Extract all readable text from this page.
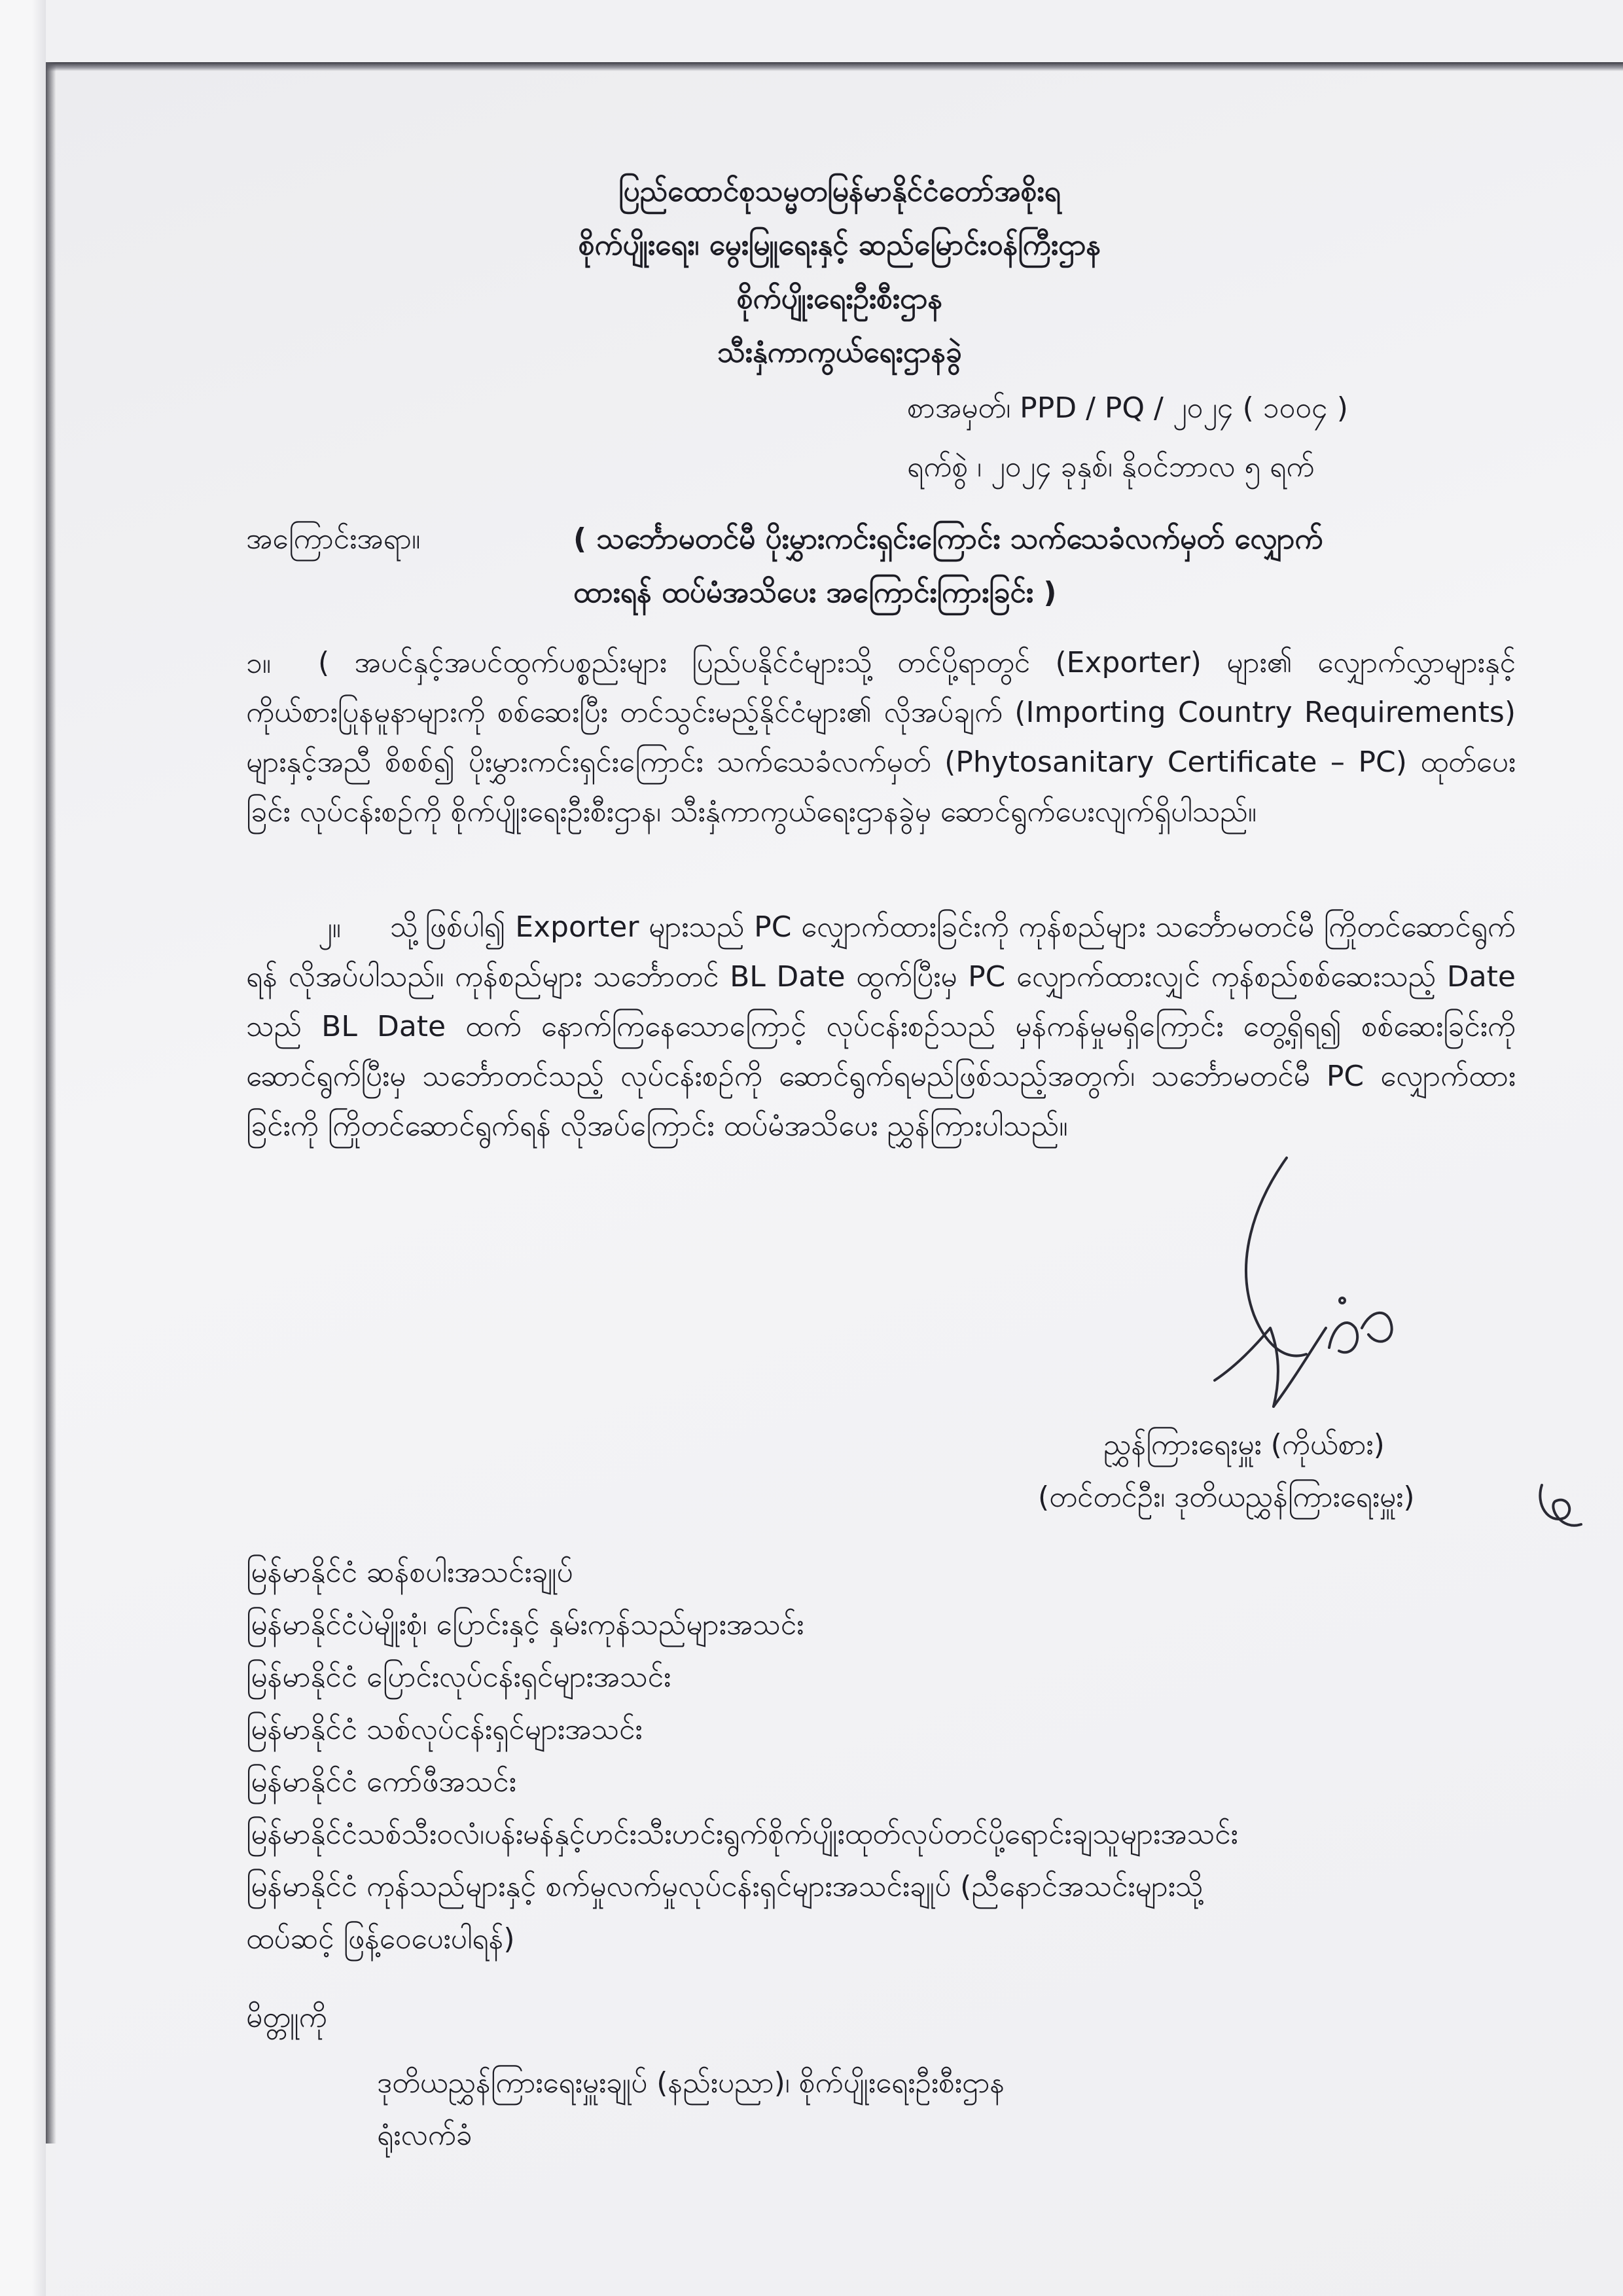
ပြည်ထောင်စုသမ္မတမြန်မာနိုင်ငံတော်အစိုးရ
စိုက်ပျိုးရေး၊ မွေးမြူရေးနှင့် ဆည်မြောင်းဝန်ကြီးဌာန
စိုက်ပျိုးရေးဦးစီးဌာန
သီးနှံကာကွယ်ရေးဌာနခွဲ
စာအမှတ်၊ PPD / PQ / ၂၀၂၄ ( ၁၀၀၄ )
ရက်စွဲ ၊ ၂၀၂၄ ခုနှစ်၊ နိုဝင်ဘာလ ၅ ရက်
အကြောင်းအရာ။	( သင်္ဘောမတင်မီ ပိုးမွှားကင်းရှင်းကြောင်း သက်သေခံလက်မှတ် လျှောက်
ထားရန် ထပ်မံအသိပေး အကြောင်းကြားခြင်း )
၁။	( အပင်နှင့်အပင်ထွက်ပစ္စည်းများ ပြည်ပနိုင်ငံများသို့ တင်ပို့ရာတွင် (Exporter) များ၏ လျှောက်လွှာများနှင့် ကိုယ်စားပြုနမူနာများကို စစ်ဆေးပြီး တင်သွင်းမည့်နိုင်ငံများ၏ လိုအပ်ချက် (Importing Country Requirements) များနှင့်အညီ စိစစ်၍ ပိုးမွှားကင်းရှင်းကြောင်း သက်သေခံလက်မှတ် (Phytosanitary Certificate – PC) ထုတ်ပေးခြင်း လုပ်ငန်းစဉ်ကို စိုက်ပျိုးရေးဦးစီးဌာန၊ သီးနှံကာကွယ်ရေးဌာနခွဲမှ ဆောင်ရွက်ပေးလျက်ရှိပါသည်။
၂။	သို့ဖြစ်ပါ၍ Exporter များသည် PC လျှောက်ထားခြင်းကို ကုန်စည်များ သင်္ဘောမတင်မီ ကြိုတင်ဆောင်ရွက်ရန် လိုအပ်ပါသည်။ ကုန်စည်များ သင်္ဘောတင် BL Date ထွက်ပြီးမှ PC လျှောက်ထားလျှင် ကုန်စည်စစ်ဆေးသည့် Date သည် BL Date ထက် နောက်ကြနေသောကြောင့် လုပ်ငန်းစဉ်သည် မှန်ကန်မှုမရှိကြောင်း တွေ့ရှိရ၍ စစ်ဆေးခြင်းကို ဆောင်ရွက်ပြီးမှ သင်္ဘောတင်သည့် လုပ်ငန်းစဉ်ကို ဆောင်ရွက်ရမည်ဖြစ်သည့်အတွက်၊ သင်္ဘောမတင်မီ PC လျှောက်ထားခြင်းကို ကြိုတင်ဆောင်ရွက်ရန် လိုအပ်ကြောင်း ထပ်မံအသိပေး ညွှန်ကြားပါသည်။
ညွှန်ကြားရေးမှူး (ကိုယ်စား)
(တင်တင်ဦး၊ ဒုတိယညွှန်ကြားရေးမှူး)
မြန်မာနိုင်ငံ ဆန်စပါးအသင်းချုပ်
မြန်မာနိုင်ငံပဲမျိုးစုံ၊ ပြောင်းနှင့် နှမ်းကုန်သည်များအသင်း
မြန်မာနိုင်ငံ ပြောင်းလုပ်ငန်းရှင်များအသင်း
မြန်မာနိုင်ငံ သစ်လုပ်ငန်းရှင်များအသင်း
မြန်မာနိုင်ငံ ကော်ဖီအသင်း
မြန်မာနိုင်ငံသစ်သီးဝလံ၊ပန်းမန်နှင့်ဟင်းသီးဟင်းရွက်စိုက်ပျိုးထုတ်လုပ်တင်ပို့ရောင်းချသူများအသင်း
မြန်မာနိုင်ငံ ကုန်သည်များနှင့် စက်မှုလက်မှုလုပ်ငန်းရှင်များအသင်းချုပ် (ညီနောင်အသင်းများသို့
ထပ်ဆင့် ဖြန့်ဝေပေးပါရန်)
မိတ္တူကို
ဒုတိယညွှန်ကြားရေးမှူးချုပ် (နည်းပညာ)၊ စိုက်ပျိုးရေးဦးစီးဌာန
ရုံးလက်ခံ
